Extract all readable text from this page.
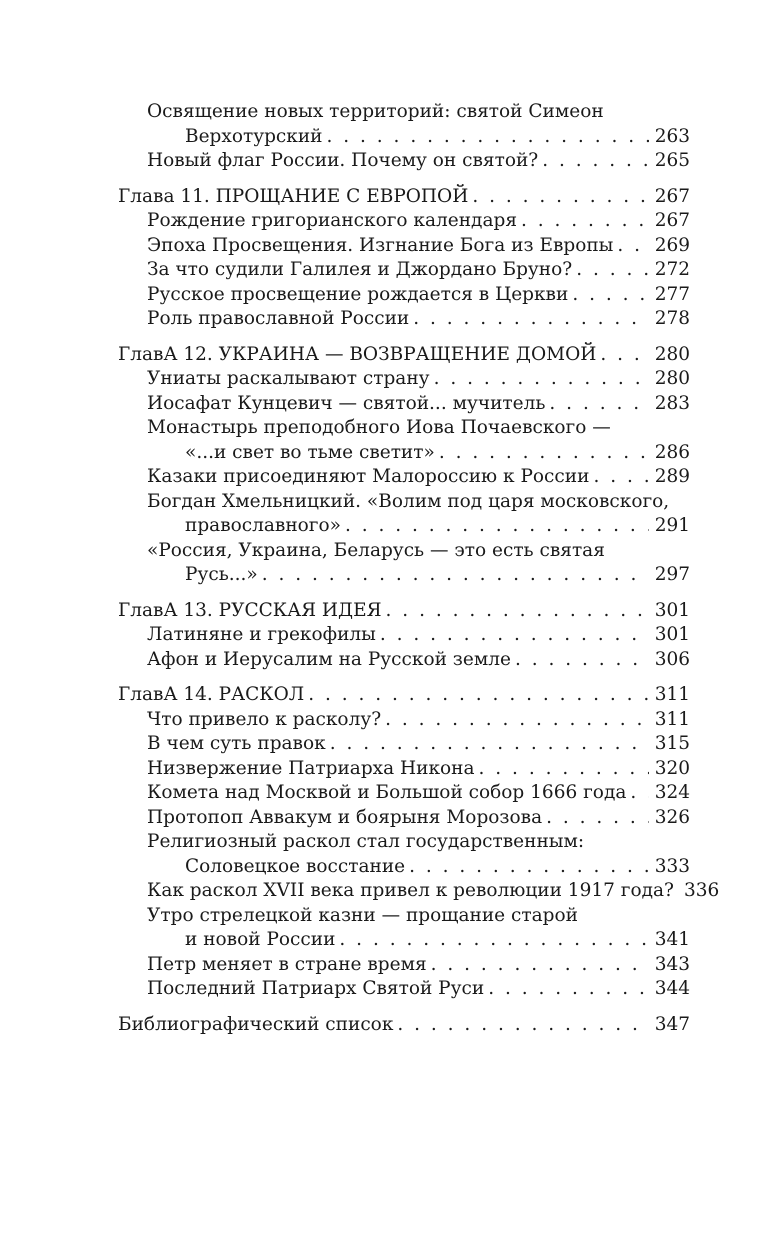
Освящение новых территорий: святой Симеон
Верхотурский . . .	263
Новый флаг России. Почему он святой? . . .	265
Глава 11. ПРОЩАНИЕ С ЕВРОПОЙ . . .	267
Рождение григорианского календаря . . .	267
Эпоха Просвещения. Изгнание Бога из Европы . . . 269
За что судили Галилея и Джордано Бруно? . . .	272
Русское просвещение рождается в Церкви . . .	277
Роль православной России . . .	278
ГлавА 12. УКРАИНА — ВОЗВРАЩЕНИЕ ДОМОЙ . . .	280
Униаты раскалывают страну . . .	280
Иосафат Кунцевич — святой... мучитель . . .	283
Монастырь преподобного Иова Почаевского —
«...и свет во тьме светит» . . .	286
Казаки присоединяют Малороссию к России . . .	289
Богдан Хмельницкий. «Волим под царя московского,
православного» . . .	291
«Россия, Украина, Беларусь — это есть святая
Русь...» . . .	297
ГлавА 13. РУССКАЯ ИДЕЯ . . .	301
Латиняне и грекофилы . . .	301
Афон и Иерусалим на Русской земле . . .	306
ГлавА 14. РАСКОЛ . . .	311
Что привело к расколу? . . .	311
В чем суть правок . . .	315
Низвержение Патриарха Никона . . .	320
Комета над Москвой и Большой собор 1666 года . . . 324
Протопоп Аввакум и боярыня Морозова . . .	326
Религиозный раскол стал государственным:
Соловецкое восстание . . .	333
Как раскол XVII века привел к революции 1917 года? 336
Утро стрелецкой казни — прощание старой
и новой России . . .	341
Петр меняет в стране время . . .	343
Последний Патриарх Святой Руси . . .	344
Библиографический список . . .	347
